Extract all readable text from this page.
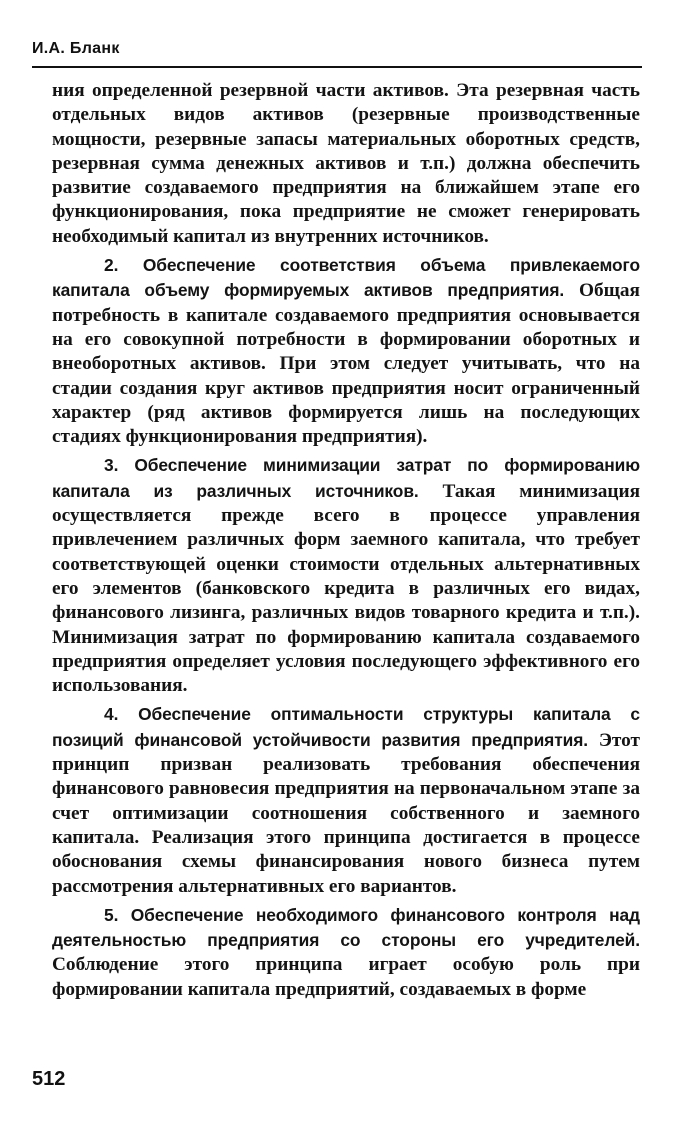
И.А. Бланк

ния определенной резервной части активов. Эта резервная часть отдельных видов активов (резервные производственные мощности, резервные запасы материальных оборотных средств, резервная сумма денежных активов и т.п.) должна обеспечить развитие создаваемого предприятия на ближайшем этапе его функционирования, пока предприятие не сможет генерировать необходимый капитал из внутренних источников.

2. Обеспечение соответствия объема привлекаемого капитала объему формируемых активов предприятия. Общая потребность в капитале создаваемого предприятия основывается на его совокупной потребности в формировании оборотных и внеоборотных активов. При этом следует учитывать, что на стадии создания круг активов предприятия носит ограниченный характер (ряд активов формируется лишь на последующих стадиях функционирования предприятия).

3. Обеспечение минимизации затрат по формированию капитала из различных источников. Такая минимизация осуществляется прежде всего в процессе управления привлечением различных форм заемного капитала, что требует соответствующей оценки стоимости отдельных альтернативных его элементов (банковского кредита в различных его видах, финансового лизинга, различных видов товарного кредита и т.п.). Минимизация затрат по формированию капитала создаваемого предприятия определяет условия последующего эффективного его использования.

4. Обеспечение оптимальности структуры капитала с позиций финансовой устойчивости развития предприятия. Этот принцип призван реализовать требования обеспечения финансового равновесия предприятия на первоначальном этапе за счет оптимизации соотношения собственного и заемного капитала. Реализация этого принципа достигается в процессе обоснования схемы финансирования нового бизнеса путем рассмотрения альтернативных его вариантов.

5. Обеспечение необходимого финансового контроля над деятельностью предприятия со стороны его учредителей. Соблюдение этого принципа играет особую роль при формировании капитала предприятий, создаваемых в форме

512
